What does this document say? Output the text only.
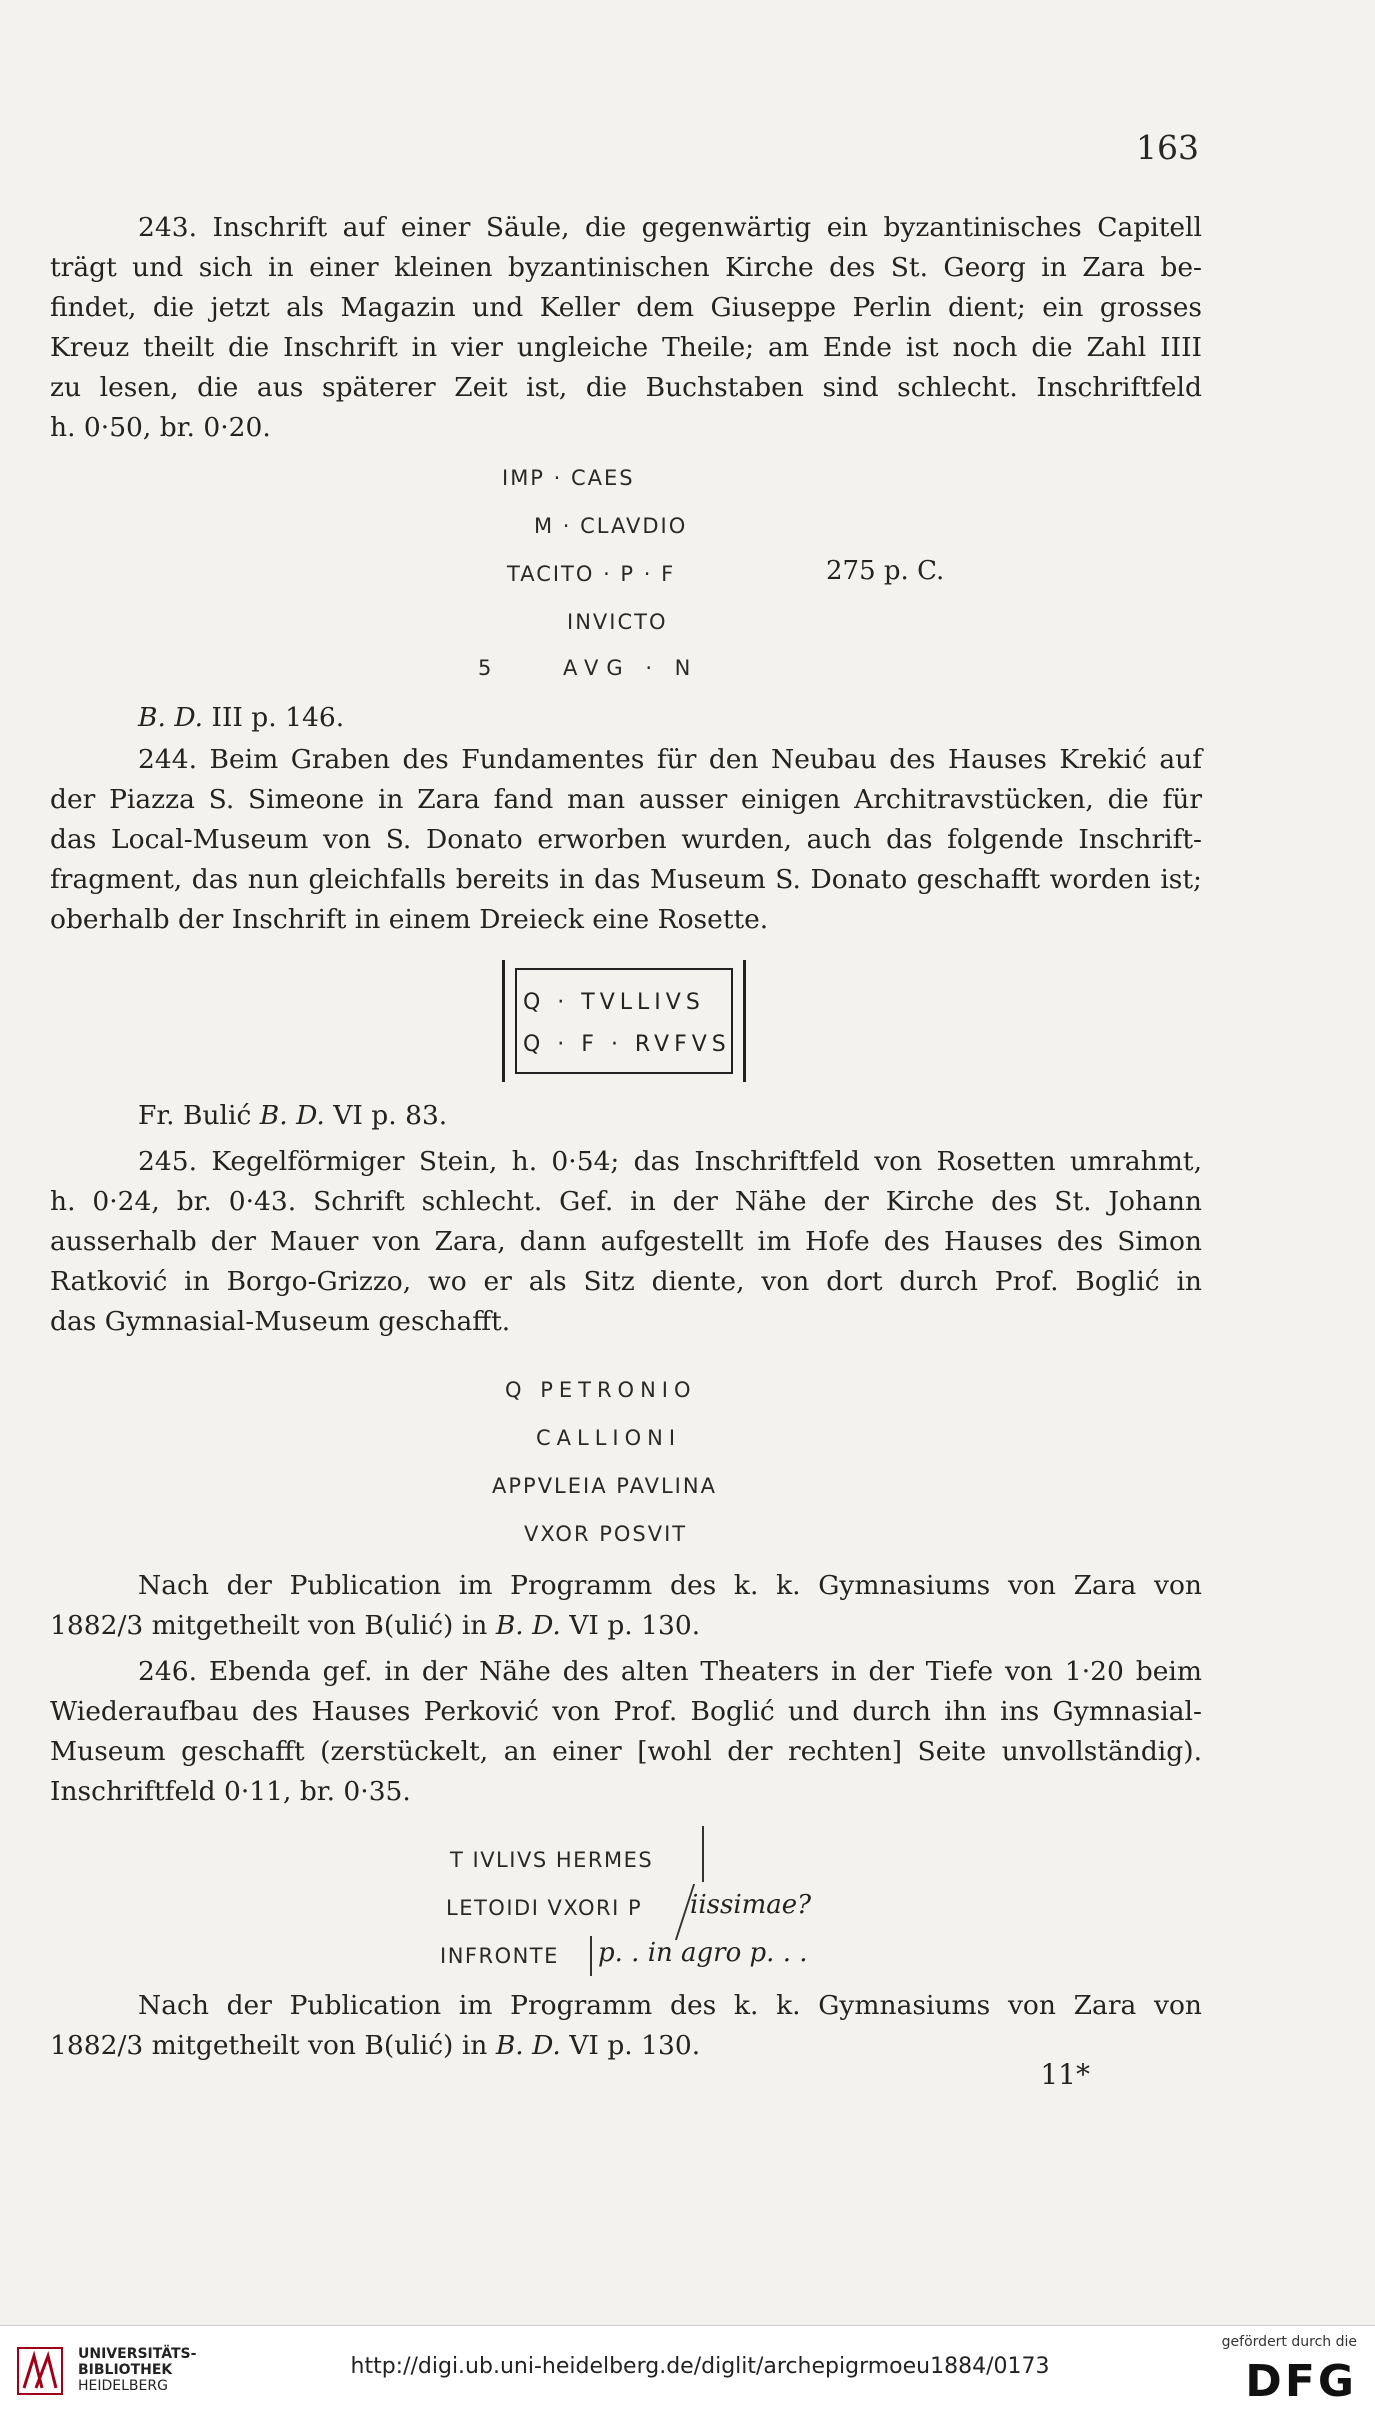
163
243. Inschrift auf einer Säule, die gegenwärtig ein byzantinisches Capitell
trägt und sich in einer kleinen byzantinischen Kirche des St. Georg in Zara be-
findet, die jetzt als Magazin und Keller dem Giuseppe Perlin dient; ein grosses
Kreuz theilt die Inschrift in vier ungleiche Theile; am Ende ist noch die Zahl IIII
zu lesen, die aus späterer Zeit ist, die Buchstaben sind schlecht. Inschriftfeld
h. 0·50, br. 0·20.
IMP · CAES
M · CLAVDIO
TACITO · P · F	275 p. C.
INVICTO
5	AVG · N
B. D. III p. 146.
244. Beim Graben des Fundamentes für den Neubau des Hauses Krekić auf
der Piazza S. Simeone in Zara fand man ausser einigen Architravstücken, die für
das Local-Museum von S. Donato erworben wurden, auch das folgende Inschrift-
fragment, das nun gleichfalls bereits in das Museum S. Donato geschafft worden ist;
oberhalb der Inschrift in einem Dreieck eine Rosette.
Q · TVLLIVS
Q · F · RVFVS
Fr. Bulić B. D. VI p. 83.
245. Kegelförmiger Stein, h. 0·54; das Inschriftfeld von Rosetten umrahmt,
h. 0·24, br. 0·43. Schrift schlecht. Gef. in der Nähe der Kirche des St. Johann
ausserhalb der Mauer von Zara, dann aufgestellt im Hofe des Hauses des Simon
Ratković in Borgo-Grizzo, wo er als Sitz diente, von dort durch Prof. Boglić in
das Gymnasial-Museum geschafft.
Q PETRONIO
CALLIONI
APPVLEIA PAVLINA
VXOR POSVIT
Nach der Publication im Programm des k. k. Gymnasiums von Zara von
1882/3 mitgetheilt von B(ulić) in B. D. VI p. 130.
246. Ebenda gef. in der Nähe des alten Theaters in der Tiefe von 1·20 beim
Wiederaufbau des Hauses Perković von Prof. Boglić und durch ihn ins Gymnasial-
Museum geschafft (zerstückelt, an einer [wohl der rechten] Seite unvollständig).
Inschriftfeld 0·11, br. 0·35.
T IVLIVS HERMES
LETOIDI VXORI P iissimae?
INFRONTE p. . in agro p. . .
Nach der Publication im Programm des k. k. Gymnasiums von Zara von
1882/3 mitgetheilt von B(ulić) in B. D. VI p. 130.
11*
UNIVERSITÄTS-
BIBLIOTHEK
HEIDELBERG
http://digi.ub.uni-heidelberg.de/diglit/archepigrmoeu1884/0173
gefördert durch die
DFG
